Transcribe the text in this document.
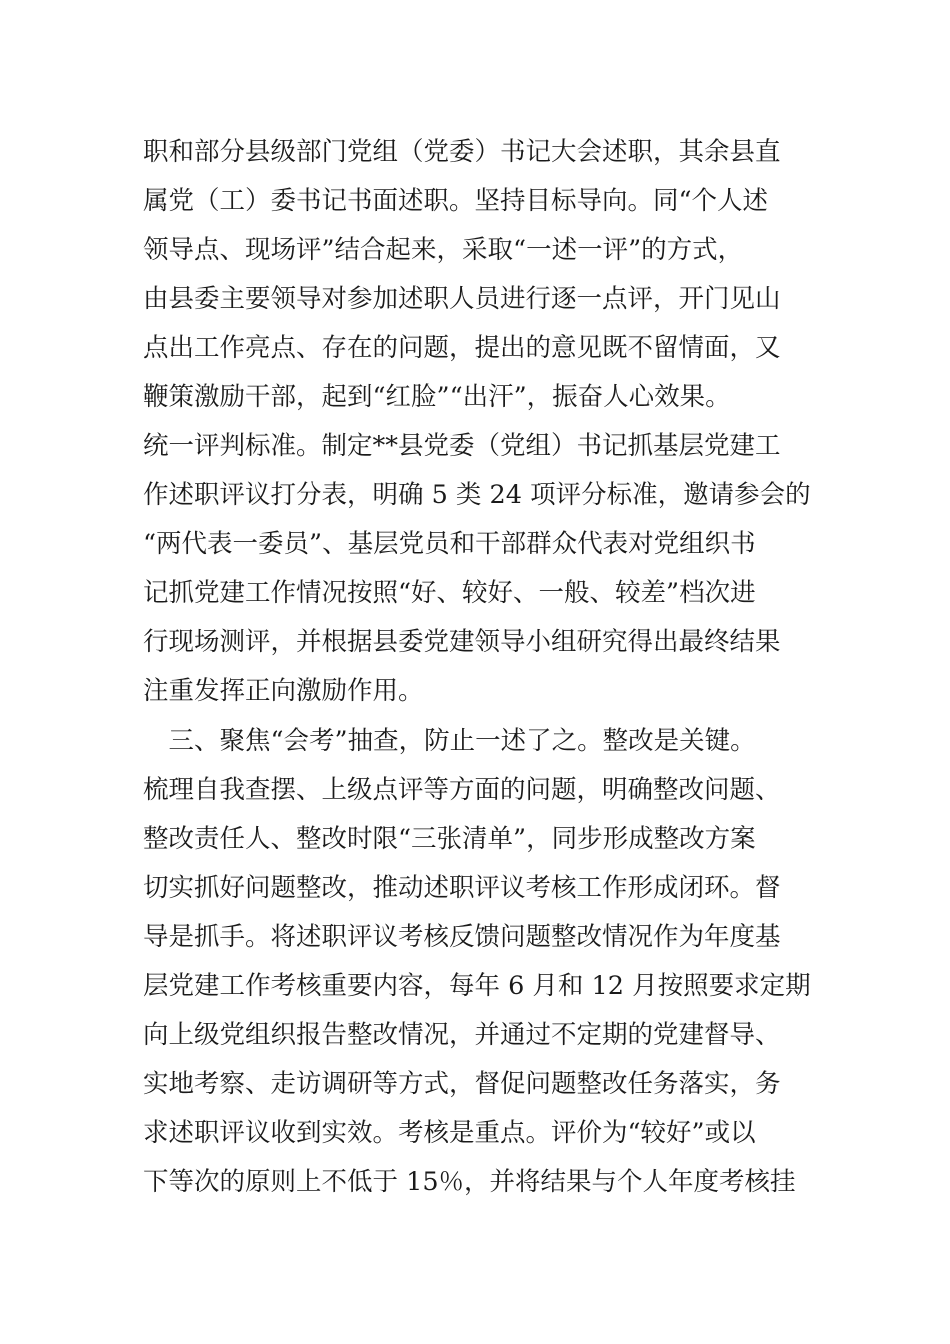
职和部分县级部门党组（党委）书记大会述职，其余县直
属党（工）委书记书面述职。坚持目标导向。同“个人述
领导点、现场评”结合起来，采取“一述一评”的方式，
由县委主要领导对参加述职人员进行逐一点评，开门见山
点出工作亮点、存在的问题，提出的意见既不留情面，又
鞭策激励干部，起到“红脸”“出汗”，振奋人心效果。
统一评判标准。制定**县党委（党组）书记抓基层党建工
作述职评议打分表，明确 5 类 24 项评分标准，邀请参会的
“两代表一委员”、基层党员和干部群众代表对党组织书
记抓党建工作情况按照“好、较好、一般、较差”档次进
行现场测评，并根据县委党建领导小组研究得出最终结果
注重发挥正向激励作用。
　三、聚焦“会考”抽查，防止一述了之。整改是关键。
梳理自我查摆、上级点评等方面的问题，明确整改问题、
整改责任人、整改时限“三张清单”，同步形成整改方案
切实抓好问题整改，推动述职评议考核工作形成闭环。督
导是抓手。将述职评议考核反馈问题整改情况作为年度基
层党建工作考核重要内容，每年 6 月和 12 月按照要求定期
向上级党组织报告整改情况，并通过不定期的党建督导、
实地考察、走访调研等方式，督促问题整改任务落实，务
求述职评议收到实效。考核是重点。评价为“较好”或以
下等次的原则上不低于 15％，并将结果与个人年度考核挂
